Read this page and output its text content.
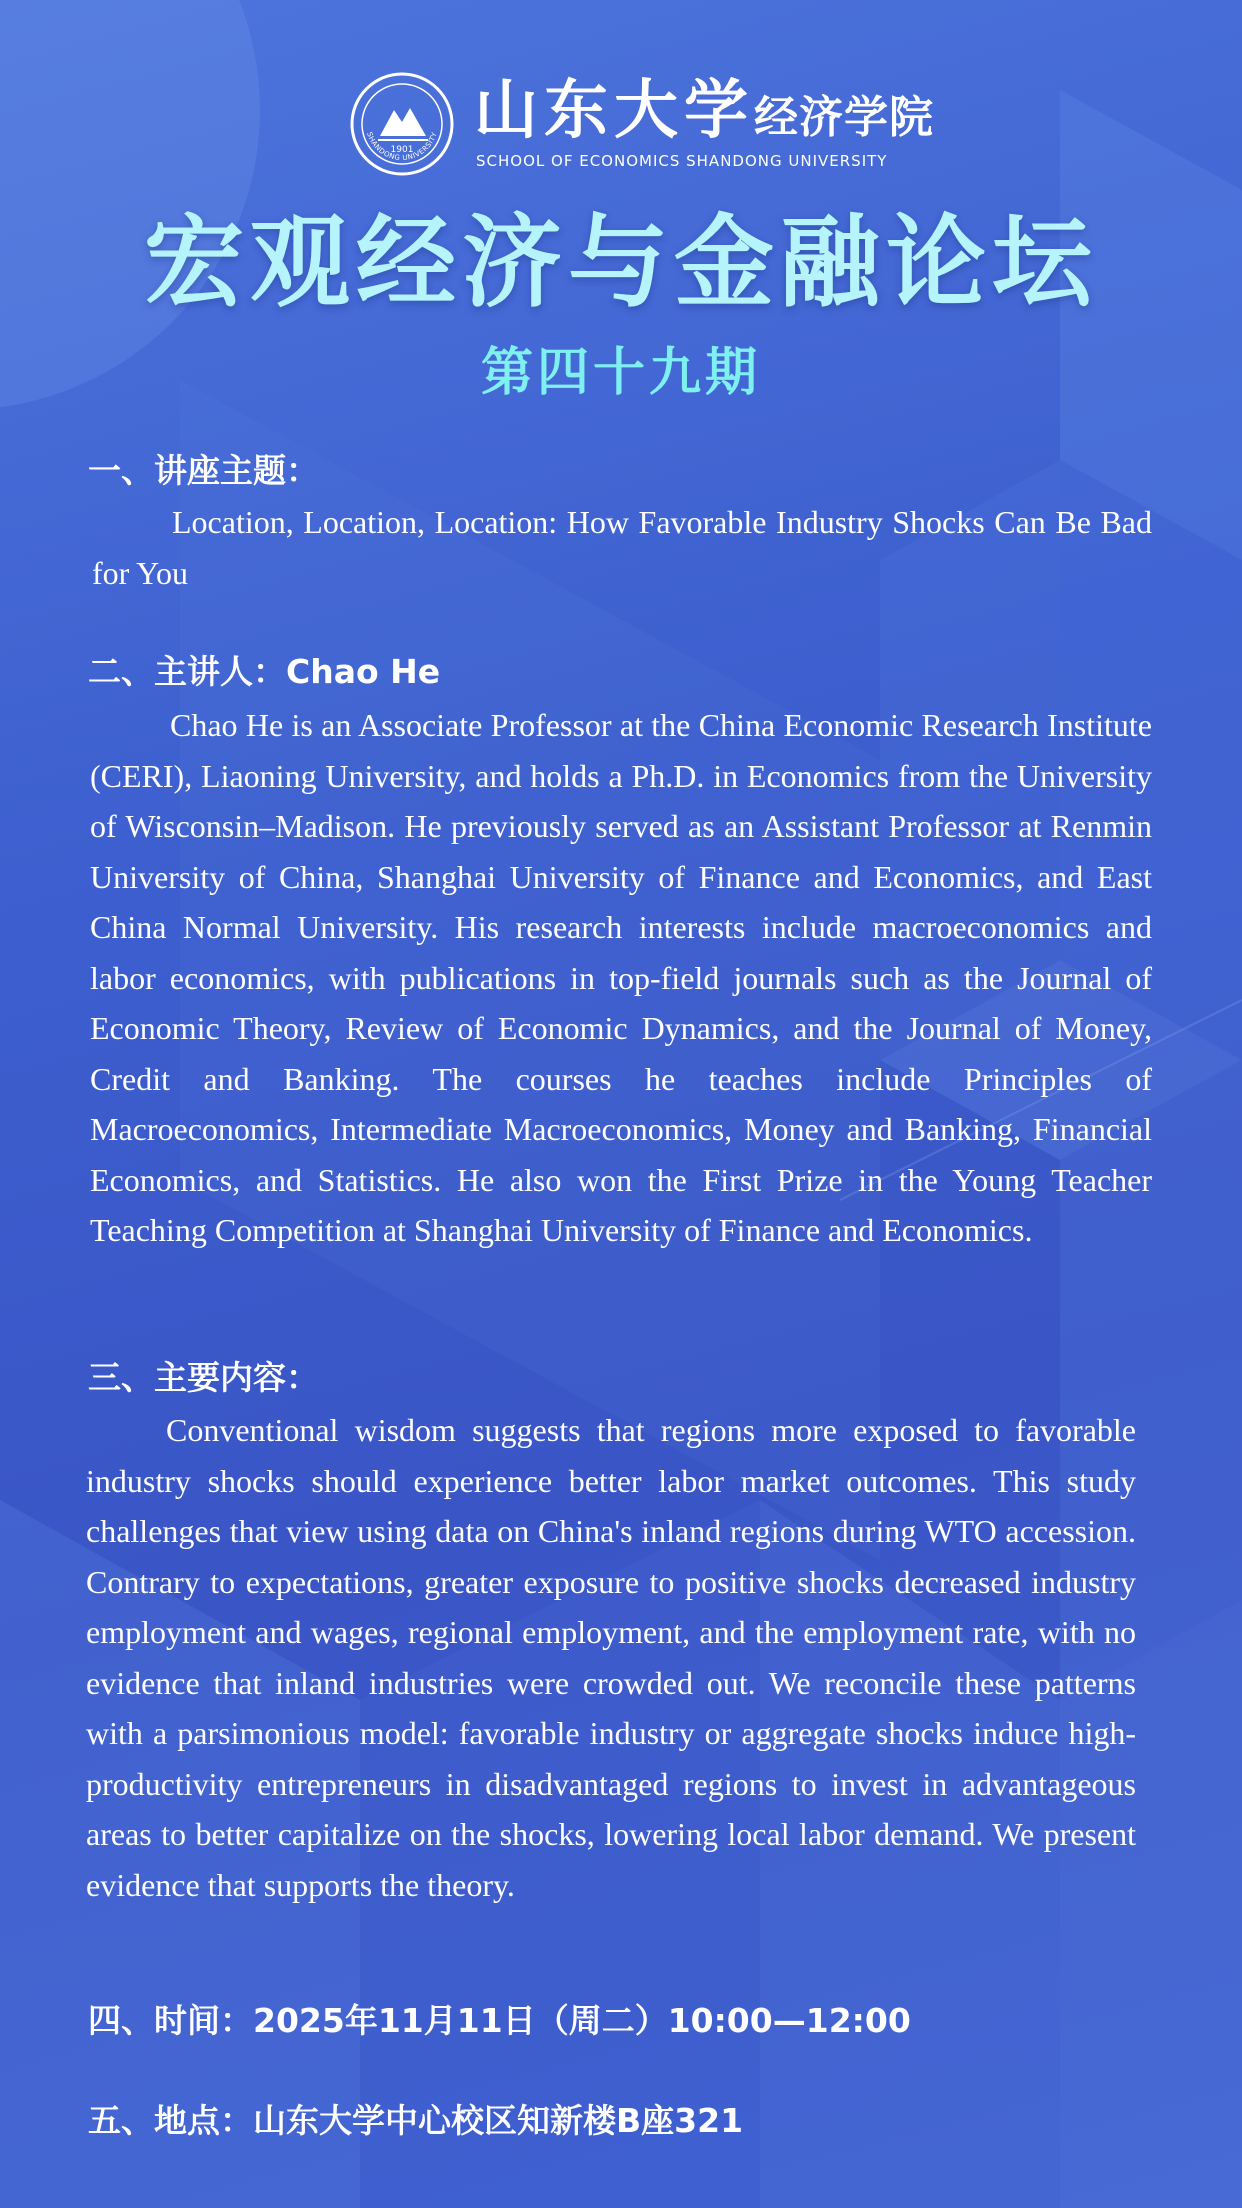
1901
SHANDONG UNIVERSITY 山东大学经济学院
SCHOOL OF ECONOMICS SHANDONG UNIVERSITY
宏观经济与金融论坛
第四十九期
一、讲座主题：
Location, Location, Location: How Favorable Industry Shocks Can Be Bad for You
二、主讲人：Chao He
Chao He is an Associate Professor at the China Economic Research Institute (CERI), Liaoning University, and holds a Ph.D. in Economics from the University of Wisconsin–Madison. He previously served as an Assistant Professor at Renmin University of China, Shanghai University of Finance and Economics, and East China Normal University. His research interests include macroeconomics and labor economics, with publications in top-field journals such as the Journal of Economic Theory, Review of Economic Dynamics, and the Journal of Money, Credit and Banking. The courses he teaches include Principles of Macroeconomics, Intermediate Macroeconomics, Money and Banking, Financial Economics, and Statistics. He also won the First Prize in the Young Teacher Teaching Competition at Shanghai University of Finance and Economics.
三、主要内容：
Conventional wisdom suggests that regions more exposed to favorable industry shocks should experience better labor market outcomes. This study challenges that view using data on China's inland regions during WTO accession. Contrary to expectations, greater exposure to positive shocks decreased industry employment and wages, regional employment, and the employment rate, with no evidence that inland industries were crowded out. We reconcile these patterns with a parsimonious model: favorable industry or aggregate shocks induce high-productivity entrepreneurs in disadvantaged regions to invest in advantageous areas to better capitalize on the shocks, lowering local labor demand. We present evidence that supports the theory.
四、时间：2025年11月11日（周二）10:00—12:00
五、地点：山东大学中心校区知新楼B座321
